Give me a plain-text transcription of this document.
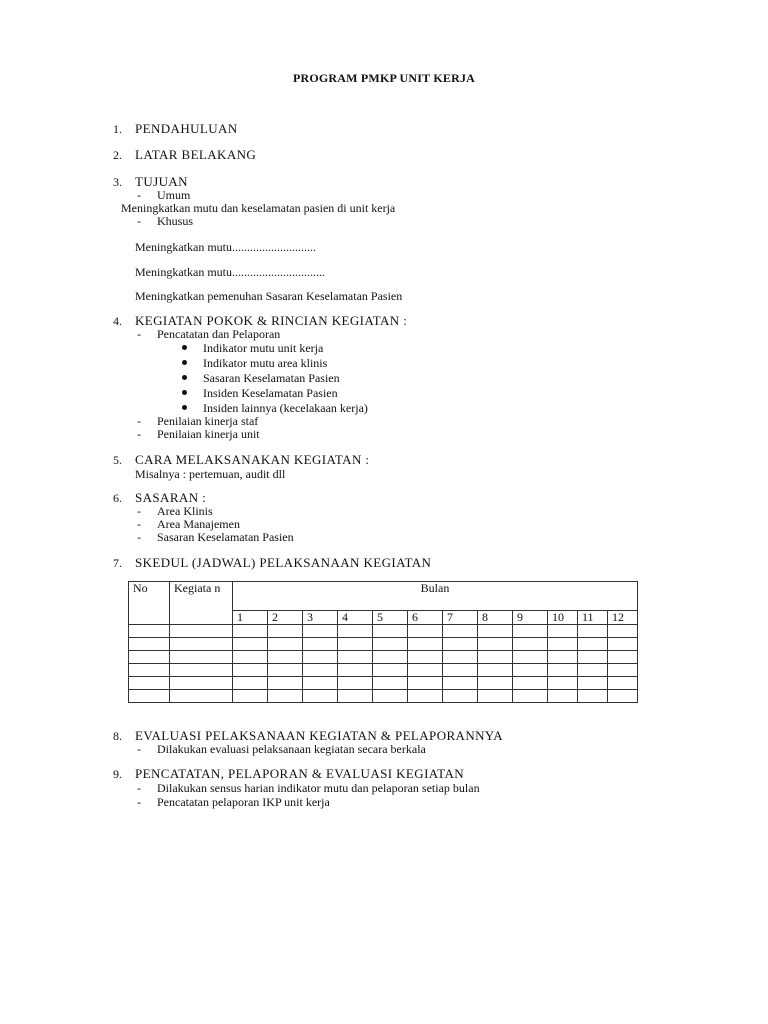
PROGRAM PMKP UNIT KERJA
1. PENDAHULUAN
2. LATAR BELAKANG
3. TUJUAN
- Umum
Meningkatkan mutu dan keselamatan pasien di unit kerja
- Khusus
Meningkatkan mutu............................
Meningkatkan mutu...............................
Meningkatkan pemenuhan Sasaran Keselamatan Pasien
4. KEGIATAN POKOK & RINCIAN KEGIATAN :
- Pencatatan dan Pelaporan
Indikator mutu unit kerja
Indikator mutu area klinis
Sasaran Keselamatan Pasien
Insiden Keselamatan Pasien
Insiden lainnya (kecelakaan kerja)
- Penilaian kinerja staf
- Penilaian kinerja unit
5. CARA MELAKSANAKAN KEGIATAN :
Misalnya : pertemuan, audit dll
6. SASARAN :
- Area Klinis
- Area Manajemen
- Sasaran Keselamatan Pasien
7. SKEDUL (JADWAL) PELAKSANAAN KEGIATAN
No	Kegiata n	Bulan											
		1	2	3	4	5	6	7	8	9	10	11	12

8. EVALUASI PELAKSANAAN KEGIATAN & PELAPORANNYA
- Dilakukan evaluasi pelaksanaan kegiatan secara berkala
9. PENCATATAN, PELAPORAN & EVALUASI KEGIATAN
- Dilakukan sensus harian indikator mutu dan pelaporan setiap bulan
- Pencatatan pelaporan IKP unit kerja
